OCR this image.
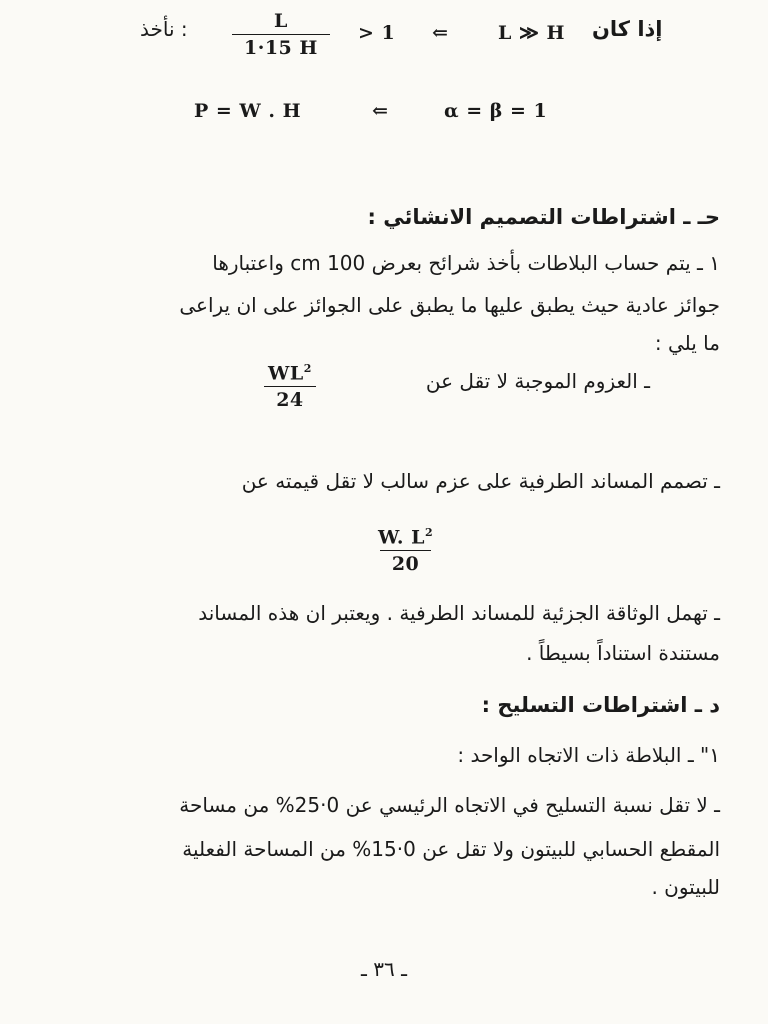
نأخذ : $\frac{L}{1\cdot 15 H} > 1$ ⇐	L ≫ H إذا كان
P = W . H	⇐	α = β = 1
حـ ـ اشتراطات التصميم الانشائي :
١ ـ يتم حساب البلاطات بأخذ شرائح بعرض 100 cm واعتبارها
جوائز عادية حيث يطبق عليها ما يطبق على الجوائز على ان يراعى
ما يلي :
$\frac{WL^2}{24}$	ـ العزوم الموجبة لا تقل عن
ـ تصمم المساند الطرفية على عزم سالب لا تقل قيمته عن
$\frac{W. L^2}{20}$
ـ تهمل الوثاقة الجزئية للمساند الطرفية . ويعتبر ان هذه المساند
مستندة استناداً بسيطاً .
د ـ اشتراطات التسليح :
١" ـ البلاطة ذات الاتجاه الواحد :
ـ لا تقل نسبة التسليح في الاتجاه الرئيسي عن 0·25% من مساحة
المقطع الحسابي للبيتون ولا تقل عن 0·15% من المساحة الفعلية
للبيتون .
ـ ٣٦ ـ
